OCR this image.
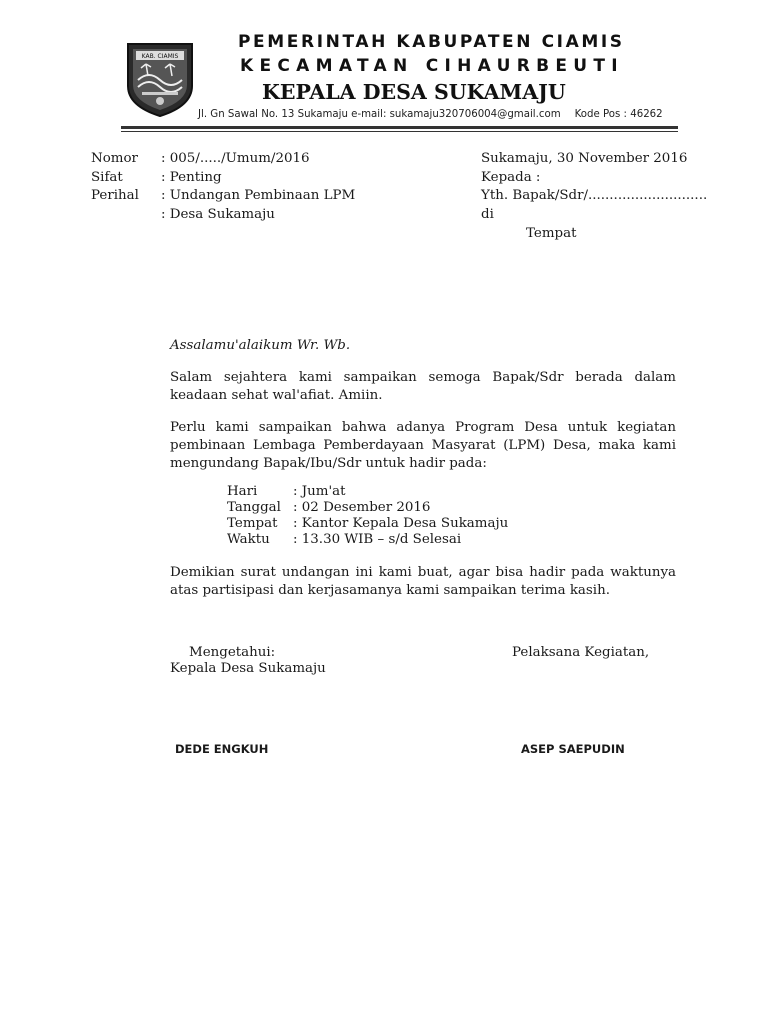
KAB. CIAMIS
PEMERINTAH KABUPATEN CIAMIS
KECAMATAN CIHAURBEUTI
KEPALA DESA SUKAMAJU
Jl. Gn Sawal No. 13 Sukamaju e-mail: sukamaju320706004@gmail.com Kode Pos : 46262
Nomor : 005/...../Umum/2016
Sifat	: Penting
Perihal : Undangan Pembinaan LPM
: Desa Sukamaju
Sukamaju, 30 November 2016
Kepada :
Yth. Bapak/Sdr/............................
di
Tempat
Assalamu'alaikum Wr. Wb.
Salam sejahtera kami sampaikan semoga Bapak/Sdr berada dalam keadaan sehat wal'afiat. Amiin.
Perlu kami sampaikan bahwa adanya Program Desa untuk kegiatan pembinaan Lembaga Pemberdayaan Masyarat (LPM) Desa, maka kami mengundang Bapak/Ibu/Sdr untuk hadir pada:
Hari	: Jum'at
Tanggal : 02 Desember 2016
Tempat : Kantor Kepala Desa Sukamaju
Waktu : 13.30 WIB – s/d Selesai
Demikian surat undangan ini kami buat, agar bisa hadir pada waktunya atas partisipasi dan kerjasamanya kami sampaikan terima kasih.
Mengetahui:
Kepala Desa Sukamaju
Pelaksana Kegiatan,
DEDE ENGKUH	ASEP SAEPUDIN
